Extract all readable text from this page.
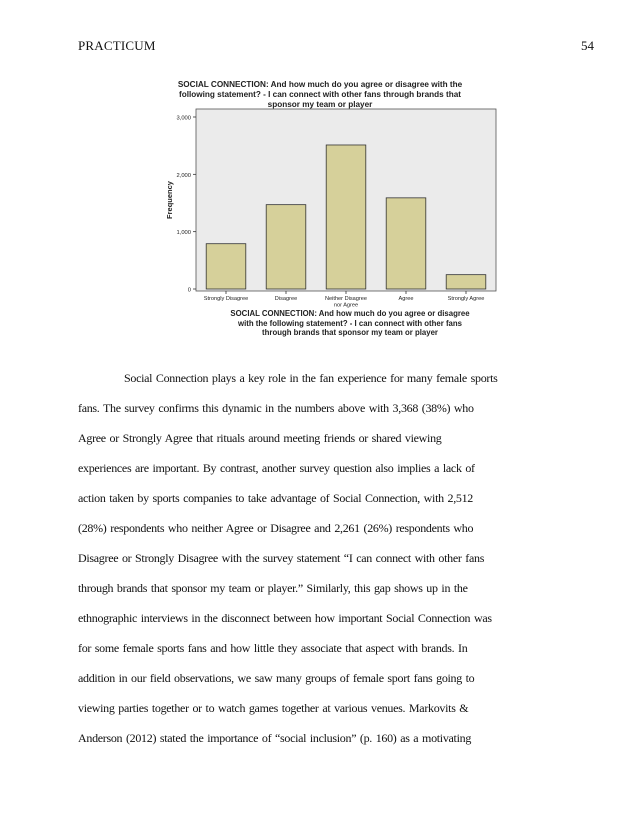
PRACTICUM	54
SOCIAL CONNECTION: And how much do you agree or disagree with the
following statement? - I can connect with other fans through brands that
sponsor my team or player
0
1,000
2,000
3,000
Frequency
Strongly Disagree	Disagree	Neither Disagree
nor Agree
Agree	Strongly Agree
SOCIAL CONNECTION: And how much do you agree or disagree
with the following statement? - I can connect with other fans
through brands that sponsor my team or player
Social Connection plays a key role in the fan experience for many female sports
fans. The survey confirms this dynamic in the numbers above with 3,368 (38%) who
Agree or Strongly Agree that rituals around meeting friends or shared viewing
experiences are important. By contrast, another survey question also implies a lack of
action taken by sports companies to take advantage of Social Connection, with 2,512
(28%) respondents who neither Agree or Disagree and 2,261 (26%) respondents who
Disagree or Strongly Disagree with the survey statement “I can connect with other fans
through brands that sponsor my team or player.” Similarly, this gap shows up in the
ethnographic interviews in the disconnect between how important Social Connection was
for some female sports fans and how little they associate that aspect with brands. In
addition in our field observations, we saw many groups of female sport fans going to
viewing parties together or to watch games together at various venues. Markovits &
Anderson (2012) stated the importance of “social inclusion” (p. 160) as a motivating
